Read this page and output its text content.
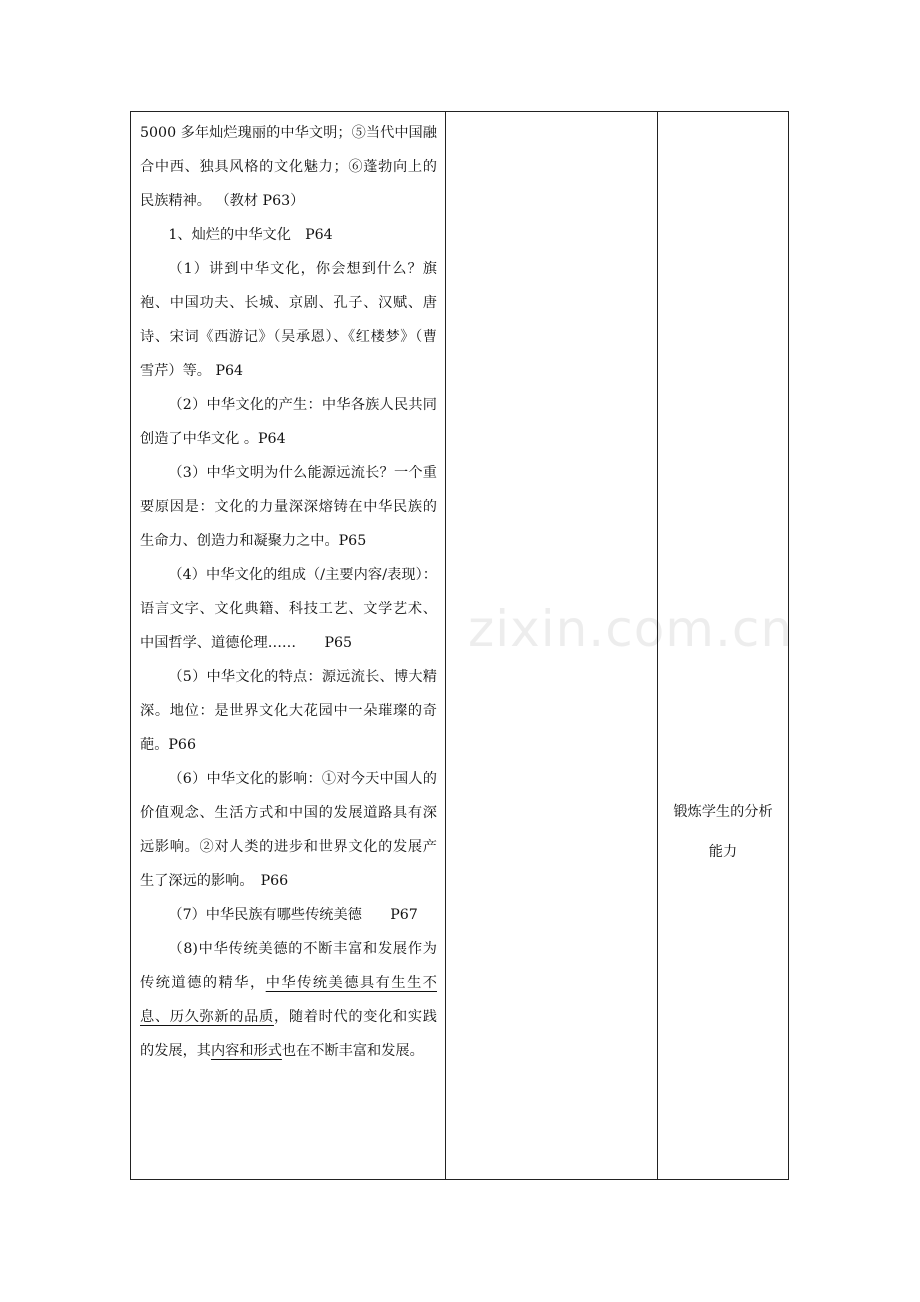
5000 多年灿烂瑰丽的中华文明；⑤当代中国融合中西、独具风格的文化魅力；⑥蓬勃向上的民族精神。 （教材 P63）

1、灿烂的中华文化　P64

（1）讲到中华文化，你会想到什么？旗袍、中国功夫、长城、京剧、孔子、汉赋、唐诗、宋词《西游记》（吴承恩）、《红楼梦》（曹雪芹）等。 P64

（2）中华文化的产生：中华各族人民共同创造了中华文化 。P64

（3）中华文明为什么能源远流长？一个重要原因是：文化的力量深深熔铸在中华民族的生命力、创造力和凝聚力之中。P65

（4）中华文化的组成（/主要内容/表现）：语言文字、文化典籍、科技工艺、文学艺术、中国哲学、道德伦理……　　P65

（5）中华文化的特点：源远流长、博大精深。地位：是世界文化大花园中一朵璀璨的奇葩。P66

（6）中华文化的影响：①对今天中国人的价值观念、生活方式和中国的发展道路具有深远影响。②对人类的进步和世界文化的发展产生了深远的影响。　P66

（7）中华民族有哪些传统美德　　P67

（8)中华传统美德的不断丰富和发展作为传统道德的精华，中华传统美德具有生生不息、历久弥新的品质，随着时代的变化和实践的发展，其内容和形式也在不断丰富和发展。

锻炼学生的分析
能力
zixin.com.cn
